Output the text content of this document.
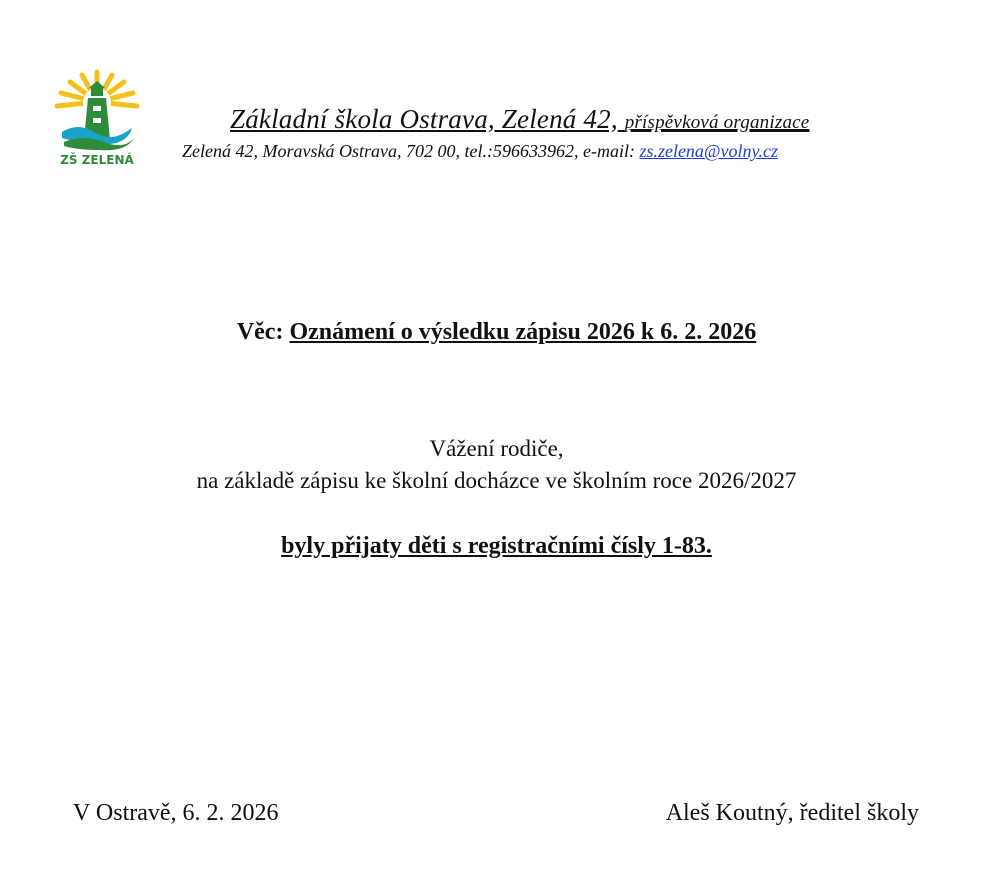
ZŠ ZELENÁ
Základní škola Ostrava, Zelená 42, příspěvková organizace
Zelená 42, Moravská Ostrava, 702 00, tel.:596633962, e-mail: zs.zelena@volny.cz
Věc: Oznámení o výsledku zápisu 2026 k 6. 2. 2026
Vážení rodiče,
na základě zápisu ke školní docházce ve školním roce 2026/2027
byly přijaty děti s registračními čísly 1-83.
V Ostravě, 6. 2. 2026	Aleš Koutný, ředitel školy
